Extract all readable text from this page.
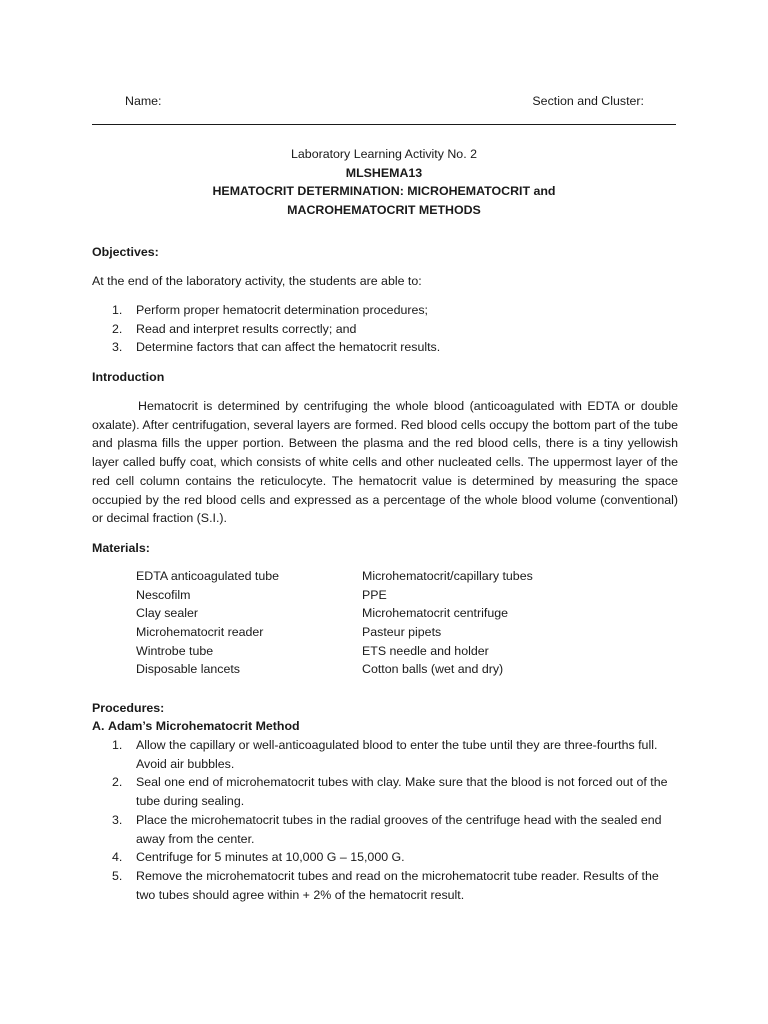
Name:	Section and Cluster:
Laboratory Learning Activity No. 2
MLSHEMA13
HEMATOCRIT DETERMINATION: MICROHEMATOCRIT and
MACROHEMATOCRIT METHODS
Objectives:
At the end of the laboratory activity, the students are able to:
1.	Perform proper hematocrit determination procedures;
2.	Read and interpret results correctly; and
3.	Determine factors that can affect the hematocrit results.
Introduction
Hematocrit is determined by centrifuging the whole blood (anticoagulated with EDTA or double oxalate). After centrifugation, several layers are formed. Red blood cells occupy the bottom part of the tube and plasma fills the upper portion. Between the plasma and the red blood cells, there is a tiny yellowish layer called buffy coat, which consists of white cells and other nucleated cells. The uppermost layer of the red cell column contains the reticulocyte. The hematocrit value is determined by measuring the space occupied by the red blood cells and expressed as a percentage of the whole blood volume (conventional) or decimal fraction (S.I.).
Materials:
EDTA anticoagulated tube	Microhematocrit/capillary tubes
Nescofilm	PPE
Clay sealer	Microhematocrit centrifuge
Microhematocrit reader	Pasteur pipets
Wintrobe tube	ETS needle and holder
Disposable lancets	Cotton balls (wet and dry)
Procedures:
A. Adam’s Microhematocrit Method
1. Allow the capillary or well-anticoagulated blood to enter the tube until they are three-fourths full. Avoid air bubbles.
2. Seal one end of microhematocrit tubes with clay. Make sure that the blood is not forced out of the tube during sealing.
3. Place the microhematocrit tubes in the radial grooves of the centrifuge head with the sealed end away from the center.
4. Centrifuge for 5 minutes at 10,000 G – 15,000 G.
5. Remove the microhematocrit tubes and read on the microhematocrit tube reader. Results of the two tubes should agree within + 2% of the hematocrit result.
